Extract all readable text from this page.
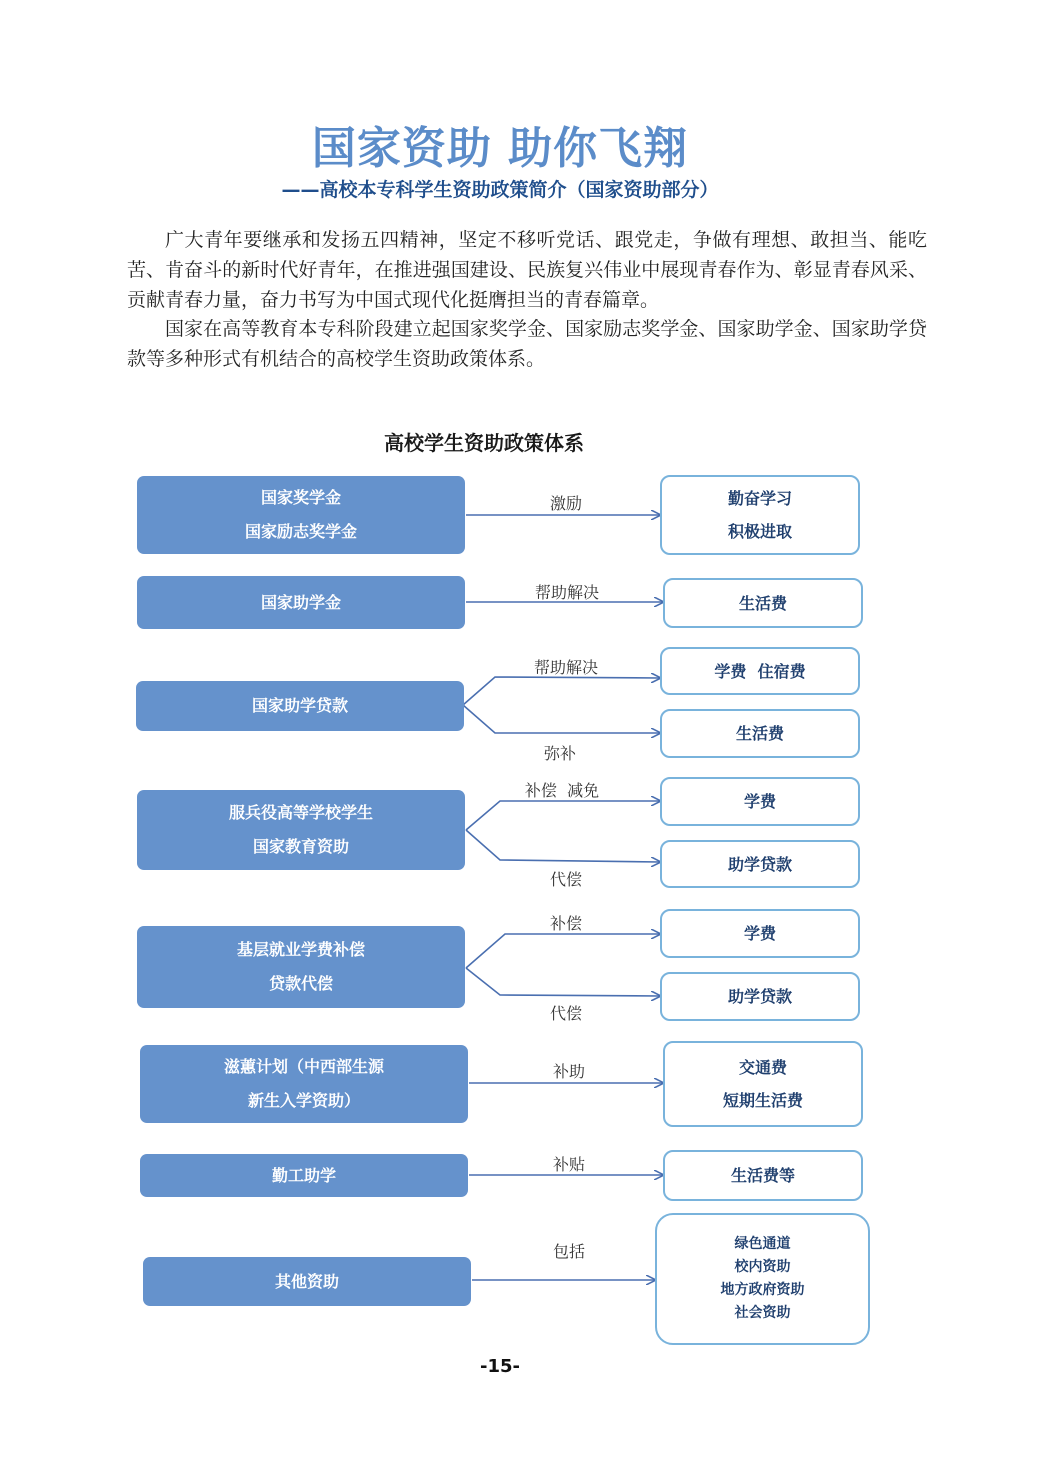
国家资助 助你飞翔
——高校本专科学生资助政策简介（国家资助部分）
广大青年要继承和发扬五四精神，坚定不移听党话、跟党走，争做有理想、敢担当、能吃苦、肯奋斗的新时代好青年，在推进强国建设、民族复兴伟业中展现青春作为、彰显青春风采、贡献青春力量，奋力书写为中国式现代化挺膺担当的青春篇章。
国家在高等教育本专科阶段建立起国家奖学金、国家励志奖学金、国家助学金、国家助学贷款等多种形式有机结合的高校学生资助政策体系。
高校学生资助政策体系
国家奖学金
国家励志奖学金
激励	勤奋学习
积极进取
国家助学金	帮助解决
生活费
国家助学贷款
帮助解决
弥补
学费  住宿费
生活费
服兵役高等学校学生
国家教育资助
补偿  减免
代偿
学费
助学贷款
基层就业学费补偿
贷款代偿
补偿
代偿
学费
助学贷款
滋蕙计划（中西部生源
新生入学资助）
补助	交通费
短期生活费
勤工助学
补贴
生活费等
其他资助
包括	绿色通道
校内资助
地方政府资助
社会资助
-15-
